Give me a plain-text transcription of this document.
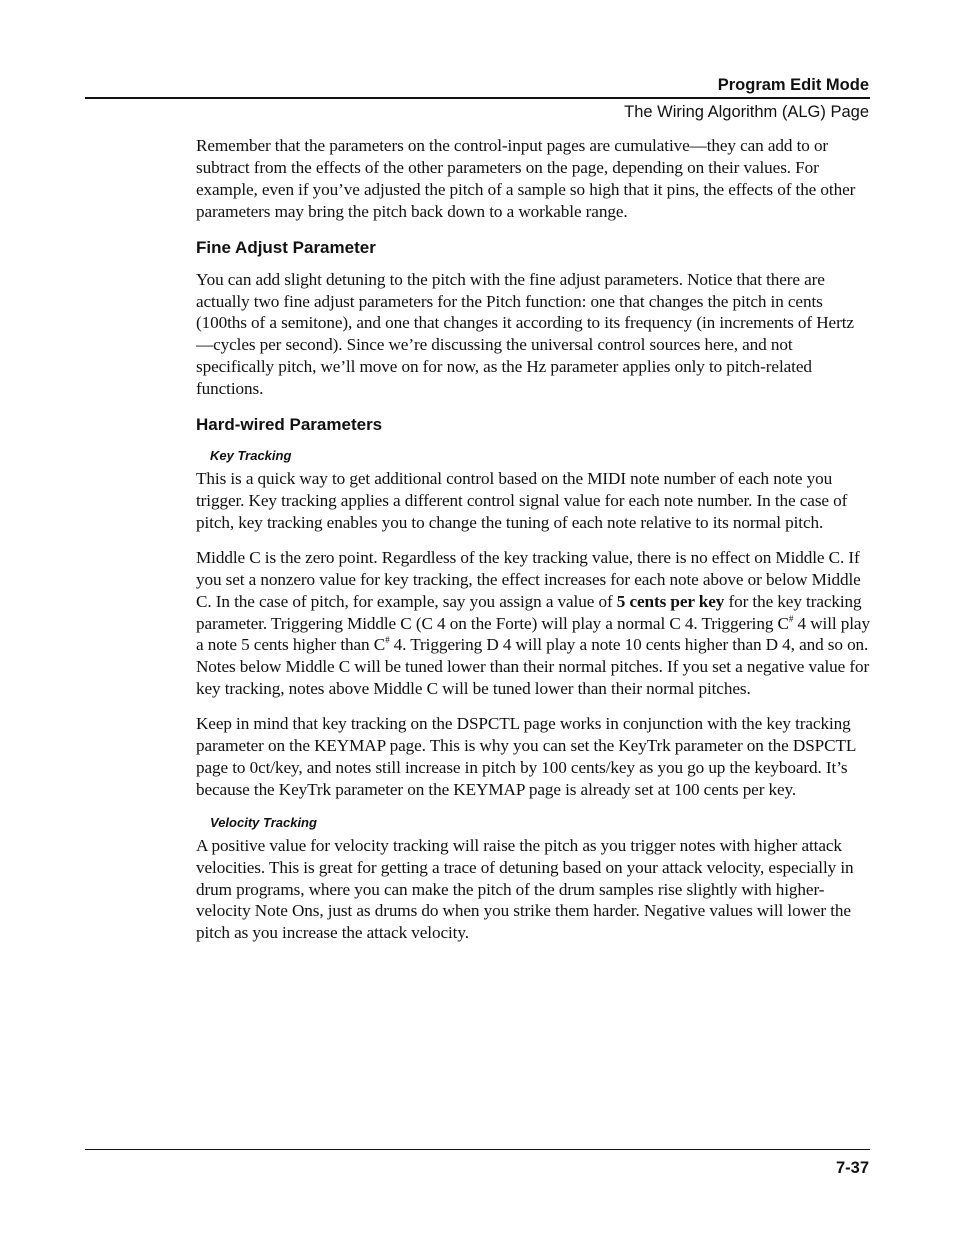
Program Edit Mode
The Wiring Algorithm (ALG) Page

Remember that the parameters on the control-input pages are cumulative—they can add to or subtract from the effects of the other parameters on the page, depending on their values. For example, even if you’ve adjusted the pitch of a sample so high that it pins, the effects of the other parameters may bring the pitch back down to a workable range.

Fine Adjust Parameter

You can add slight detuning to the pitch with the fine adjust parameters. Notice that there are actually two fine adjust parameters for the Pitch function: one that changes the pitch in cents (100ths of a semitone), and one that changes it according to its frequency (in increments of Hertz—cycles per second). Since we’re discussing the universal control sources here, and not specifically pitch, we’ll move on for now, as the Hz parameter applies only to pitch-related functions.

Hard-wired Parameters
Key Tracking

This is a quick way to get additional control based on the MIDI note number of each note you trigger. Key tracking applies a different control signal value for each note number. In the case of pitch, key tracking enables you to change the tuning of each note relative to its normal pitch.

Middle C is the zero point. Regardless of the key tracking value, there is no effect on Middle C. If you set a nonzero value for key tracking, the effect increases for each note above or below Middle C. In the case of pitch, for example, say you assign a value of 5 cents per key for the key tracking parameter. Triggering Middle C (C 4 on the Forte) will play a normal C 4. Triggering C# 4 will play a note 5 cents higher than C# 4. Triggering D 4 will play a note 10 cents higher than D 4, and so on. Notes below Middle C will be tuned lower than their normal pitches. If you set a negative value for key tracking, notes above Middle C will be tuned lower than their normal pitches.

Keep in mind that key tracking on the DSPCTL page works in conjunction with the key tracking parameter on the KEYMAP page. This is why you can set the KeyTrk parameter on the DSPCTL page to 0ct/key, and notes still increase in pitch by 100 cents/key as you go up the keyboard. It’s because the KeyTrk parameter on the KEYMAP page is already set at 100 cents per key.

Velocity Tracking

A positive value for velocity tracking will raise the pitch as you trigger notes with higher attack velocities. This is great for getting a trace of detuning based on your attack velocity, especially in drum programs, where you can make the pitch of the drum samples rise slightly with higher-velocity Note Ons, just as drums do when you strike them harder. Negative values will lower the pitch as you increase the attack velocity.

7-37
